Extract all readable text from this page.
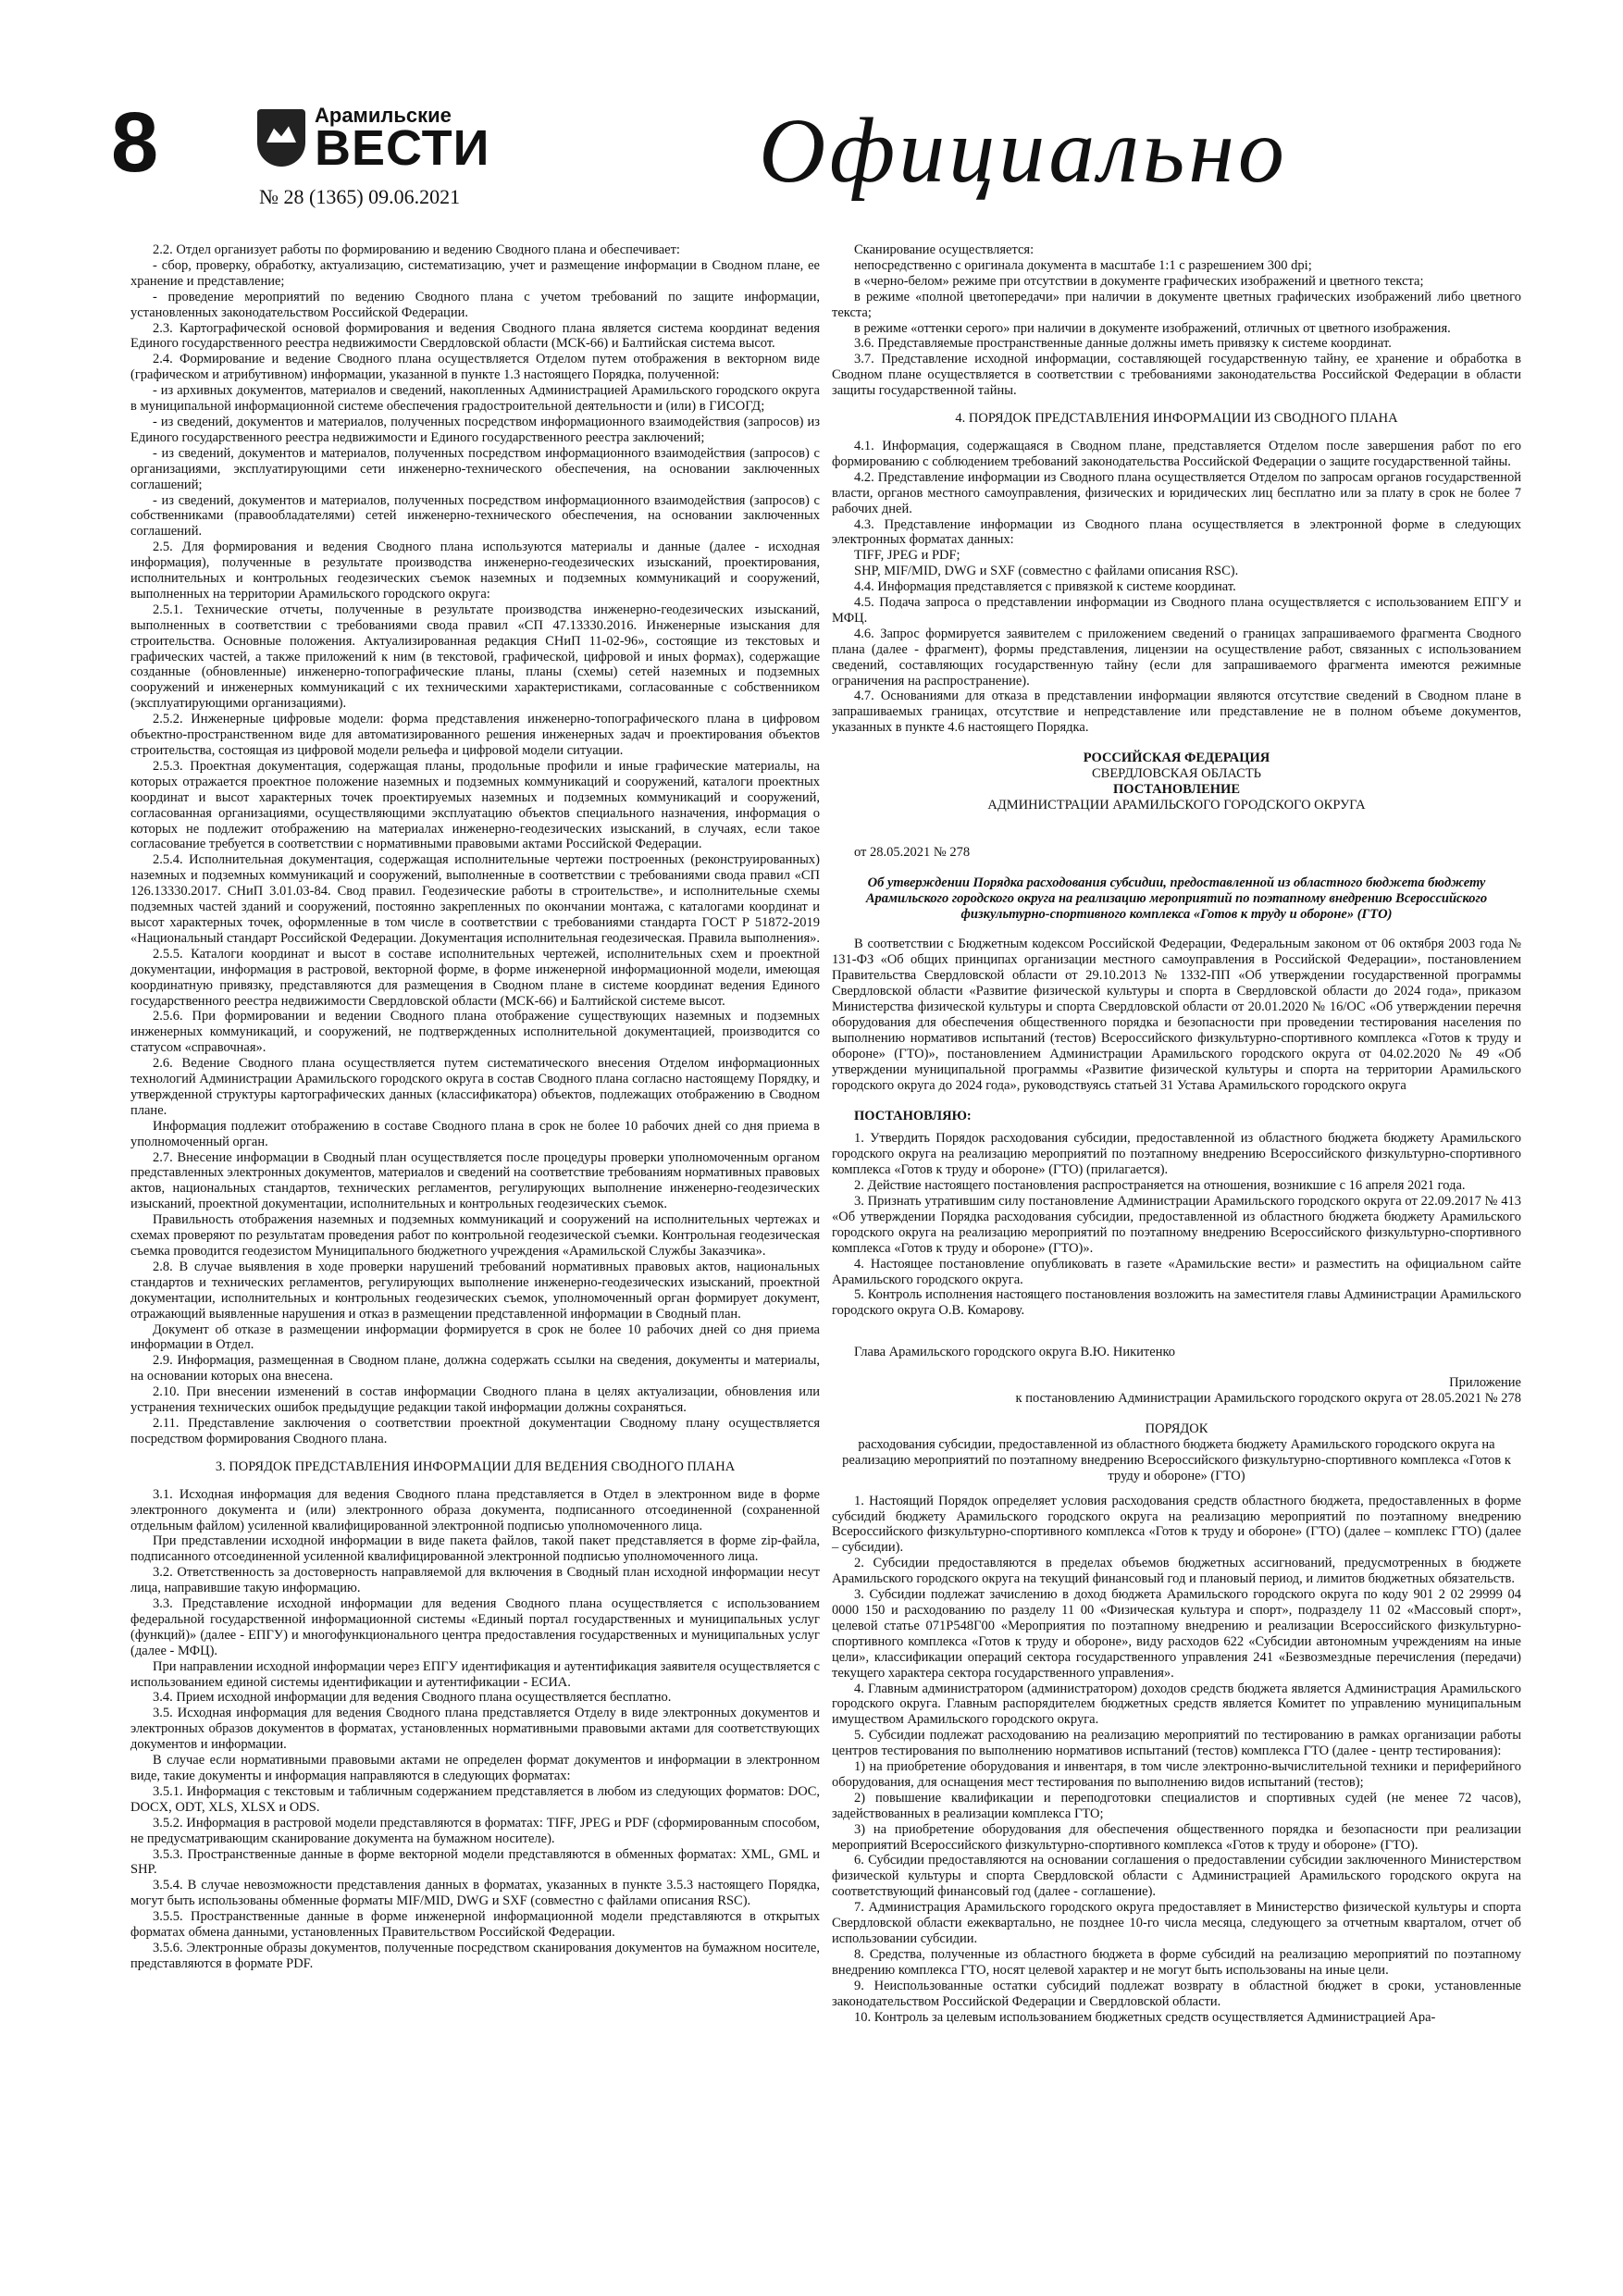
8	Арамильские
ВЕСТИ
№ 28 (1365) 09.06.2021	Официально

2.2. Отдел организует работы по формированию и ведению Сводного плана и обеспечивает:

- сбор, проверку, обработку, актуализацию, систематизацию, учет и размещение информации в Сводном плане, ее хранение и представление;

- проведение мероприятий по ведению Сводного плана с учетом требований по защите информации, установленных законодательством Российской Федерации.

2.3. Картографической основой формирования и ведения Сводного плана является система координат ведения Единого государственного реестра недвижимости Свердловской области (МСК-66) и Балтийская система высот.

2.4. Формирование и ведение Сводного плана осуществляется Отделом путем отображения в векторном виде (графическом и атрибутивном) информации, указанной в пункте 1.3 настоящего Порядка, полученной:

- из архивных документов, материалов и сведений, накопленных Администрацией Арамильского городского округа в муниципальной информационной системе обеспечения градостроительной деятельности и (или) в ГИСОГД;

- из сведений, документов и материалов, полученных посредством информационного взаимодействия (запросов) из Единого государственного реестра недвижимости и Единого государственного реестра заключений;

- из сведений, документов и материалов, полученных посредством информационного взаимодействия (запросов) с организациями, эксплуатирующими сети инженерно-технического обеспечения, на основании заключенных соглашений;

- из сведений, документов и материалов, полученных посредством информационного взаимодействия (запросов) с собственниками (правообладателями) сетей инженерно-технического обеспечения, на основании заключенных соглашений.

2.5. Для формирования и ведения Сводного плана используются материалы и данные (далее - исходная информация), полученные в результате производства инженерно-геодезических изысканий, проектирования, исполнительных и контрольных геодезических съемок наземных и подземных коммуникаций и сооружений, выполненных на территории Арамильского городского округа:

2.5.1. Технические отчеты, полученные в результате производства инженерно-геодезических изысканий, выполненных в соответствии с требованиями свода правил «СП 47.13330.2016. Инженерные изыскания для строительства. Основные положения. Актуализированная редакция СНиП 11-02-96», состоящие из текстовых и графических частей, а также приложений к ним (в текстовой, графической, цифровой и иных формах), содержащие созданные (обновленные) инженерно-топографические планы, планы (схемы) сетей наземных и подземных сооружений и инженерных коммуникаций с их техническими характеристиками, согласованные с собственником (эксплуатирующими организациями).

2.5.2. Инженерные цифровые модели: форма представления инженерно-топографического плана в цифровом объектно-пространственном виде для автоматизированного решения инженерных задач и проектирования объектов строительства, состоящая из цифровой модели рельефа и цифровой модели ситуации.

2.5.3. Проектная документация, содержащая планы, продольные профили и иные графические материалы, на которых отражается проектное положение наземных и подземных коммуникаций и сооружений, каталоги проектных координат и высот характерных точек проектируемых наземных и подземных коммуникаций и сооружений, согласованная организациями, осуществляющими эксплуатацию объектов специального назначения, информация о которых не подлежит отображению на материалах инженерно-геодезических изысканий, в случаях, если такое согласование требуется в соответствии с нормативными правовыми актами Российской Федерации.

2.5.4. Исполнительная документация, содержащая исполнительные чертежи построенных (реконструированных) наземных и подземных коммуникаций и сооружений, выполненные в соответствии с требованиями свода правил «СП 126.13330.2017. СНиП 3.01.03-84. Свод правил. Геодезические работы в строительстве», и исполнительные схемы подземных частей зданий и сооружений, постоянно закрепленных по окончании монтажа, с каталогами координат и высот характерных точек, оформленные в том числе в соответствии с требованиями стандарта ГОСТ Р 51872-2019 «Национальный стандарт Российской Федерации. Документация исполнительная геодезическая. Правила выполнения».

2.5.5. Каталоги координат и высот в составе исполнительных чертежей, исполнительных схем и проектной документации, информация в растровой, векторной форме, в форме инженерной информационной модели, имеющая координатную привязку, представляются для размещения в Сводном плане в системе координат ведения Единого государственного реестра недвижимости Свердловской области (МСК-66) и Балтийской системе высот.

2.5.6. При формировании и ведении Сводного плана отображение существующих наземных и подземных инженерных коммуникаций, и сооружений, не подтвержденных исполнительной документацией, производится со статусом «справочная».

2.6. Ведение Сводного плана осуществляется путем систематического внесения Отделом информационных технологий Администрации Арамильского городского округа в состав Сводного плана согласно настоящему Порядку, и утвержденной структуры картографических данных (классификатора) объектов, подлежащих отображению в Сводном плане.

Информация подлежит отображению в составе Сводного плана в срок не более 10 рабочих дней со дня приема в уполномоченный орган.

2.7. Внесение информации в Сводный план осуществляется после процедуры проверки уполномоченным органом представленных электронных документов, материалов и сведений на соответствие требованиям нормативных правовых актов, национальных стандартов, технических регламентов, регулирующих выполнение инженерно-геодезических изысканий, проектной документации, исполнительных и контрольных геодезических съемок.

Правильность отображения наземных и подземных коммуникаций и сооружений на исполнительных чертежах и схемах проверяют по результатам проведения работ по контрольной геодезической съемки. Контрольная геодезическая съемка проводится геодезистом Муниципального бюджетного учреждения «Арамильской Службы Заказчика».

2.8. В случае выявления в ходе проверки нарушений требований нормативных правовых актов, национальных стандартов и технических регламентов, регулирующих выполнение инженерно-геодезических изысканий, проектной документации, исполнительных и контрольных геодезических съемок, уполномоченный орган формирует документ, отражающий выявленные нарушения и отказ в размещении представленной информации в Сводный план.

Документ об отказе в размещении информации формируется в срок не более 10 рабочих дней со дня приема информации в Отдел.

2.9. Информация, размещенная в Сводном плане, должна содержать ссылки на сведения, документы и материалы, на основании которых она внесена.

2.10. При внесении изменений в состав информации Сводного плана в целях актуализации, обновления или устранения технических ошибок предыдущие редакции такой информации должны сохраняться.

2.11. Представление заключения о соответствии проектной документации Сводному плану осуществляется посредством формирования Сводного плана.

3. ПОРЯДОК ПРЕДСТАВЛЕНИЯ ИНФОРМАЦИИ ДЛЯ ВЕДЕНИЯ СВОДНОГО ПЛАНА

3.1. Исходная информация для ведения Сводного плана представляется в Отдел в электронном виде в форме электронного документа и (или) электронного образа документа, подписанного отсоединенной (сохраненной отдельным файлом) усиленной квалифицированной электронной подписью уполномоченного лица.

При представлении исходной информации в виде пакета файлов, такой пакет представляется в форме zip-файла, подписанного отсоединенной усиленной квалифицированной электронной подписью уполномоченного лица.

3.2. Ответственность за достоверность направляемой для включения в Сводный план исходной информации несут лица, направившие такую информацию.

3.3. Представление исходной информации для ведения Сводного плана осуществляется с использованием федеральной государственной информационной системы «Единый портал государственных и муниципальных услуг (функций)» (далее - ЕПГУ) и многофункционального центра предоставления государственных и муниципальных услуг (далее - МФЦ).

При направлении исходной информации через ЕПГУ идентификация и аутентификация заявителя осуществляется с использованием единой системы идентификации и аутентификации - ЕСИА.

3.4. Прием исходной информации для ведения Сводного плана осуществляется бесплатно.

3.5. Исходная информация для ведения Сводного плана представляется Отделу в виде электронных документов и электронных образов документов в форматах, установленных нормативными правовыми актами для соответствующих документов и информации.

В случае если нормативными правовыми актами не определен формат документов и информации в электронном виде, такие документы и информация направляются в следующих форматах:

3.5.1. Информация с текстовым и табличным содержанием представляется в любом из следующих форматов: DOC, DOCX, ODT, XLS, XLSX и ODS.

3.5.2. Информация в растровой модели представляются в форматах: TIFF, JPEG и PDF (сформированным способом, не предусматривающим сканирование документа на бумажном носителе).

3.5.3. Пространственные данные в форме векторной модели представляются в обменных форматах: XML, GML и SHP.

3.5.4. В случае невозможности представления данных в форматах, указанных в пункте 3.5.3 настоящего Порядка, могут быть использованы обменные форматы MIF/MID, DWG и SXF (совместно с файлами описания RSC).

3.5.5. Пространственные данные в форме инженерной информационной модели представляются в открытых форматах обмена данными, установленных Правительством Российской Федерации.

3.5.6. Электронные образы документов, полученные посредством сканирования документов на бумажном носителе, представляются в формате PDF.

Сканирование осуществляется:

непосредственно с оригинала документа в масштабе 1:1 с разрешением 300 dpi;

в «черно-белом» режиме при отсутствии в документе графических изображений и цветного текста;

в режиме «полной цветопередачи» при наличии в документе цветных графических изображений либо цветного текста;

в режиме «оттенки серого» при наличии в документе изображений, отличных от цветного изображения.

3.6. Представляемые пространственные данные должны иметь привязку к системе координат.

3.7. Представление исходной информации, составляющей государственную тайну, ее хранение и обработка в Сводном плане осуществляется в соответствии с требованиями законодательства Российской Федерации в области защиты государственной тайны.

4. ПОРЯДОК ПРЕДСТАВЛЕНИЯ ИНФОРМАЦИИ ИЗ СВОДНОГО ПЛАНА

4.1. Информация, содержащаяся в Сводном плане, представляется Отделом после завершения работ по его формированию с соблюдением требований законодательства Российской Федерации о защите государственной тайны.

4.2. Представление информации из Сводного плана осуществляется Отделом по запросам органов государственной власти, органов местного самоуправления, физических и юридических лиц бесплатно или за плату в срок не более 7 рабочих дней.

4.3. Представление информации из Сводного плана осуществляется в электронной форме в следующих электронных форматах данных:

TIFF, JPEG и PDF;

SHP, MIF/MID, DWG и SXF (совместно с файлами описания RSC).

4.4. Информация представляется с привязкой к системе координат.

4.5. Подача запроса о представлении информации из Сводного плана осуществляется с использованием ЕПГУ и МФЦ.

4.6. Запрос формируется заявителем с приложением сведений о границах запрашиваемого фрагмента Сводного плана (далее - фрагмент), формы представления, лицензии на осуществление работ, связанных с использованием сведений, составляющих государственную тайну (если для запрашиваемого фрагмента имеются режимные ограничения на распространение).

4.7. Основаниями для отказа в представлении информации являются отсутствие сведений в Сводном плане в запрашиваемых границах, отсутствие и непредставление или представление не в полном объеме документов, указанных в пункте 4.6 настоящего Порядка.

РОССИЙСКАЯ ФЕДЕРАЦИЯ

СВЕРДЛОВСКАЯ ОБЛАСТЬ

ПОСТАНОВЛЕНИЕ

АДМИНИСТРАЦИИ АРАМИЛЬСКОГО ГОРОДСКОГО ОКРУГА

от 28.05.2021 № 278

Об утверждении Порядка расходования субсидии, предоставленной из областного бюджета бюджету Арамильского городского округа на реализацию мероприятий по поэтапному внедрению Всероссийского физкультурно-спортивного комплекса «Готов к труду и обороне» (ГТО)

В соответствии с Бюджетным кодексом Российской Федерации, Федеральным законом от 06 октября 2003 года № 131-ФЗ «Об общих принципах организации местного самоуправления в Российской Федерации», постановлением Правительства Свердловской области от 29.10.2013 № 1332-ПП «Об утверждении государственной программы Свердловской области «Развитие физической культуры и спорта в Свердловской области до 2024 года», приказом Министерства физической культуры и спорта Свердловской области от 20.01.2020 № 16/ОС «Об утверждении перечня оборудования для обеспечения общественного порядка и безопасности при проведении тестирования населения по выполнению нормативов испытаний (тестов) Всероссийского физкультурно-спортивного комплекса «Готов к труду и обороне» (ГТО)», постановлением Администрации Арамильского городского округа от 04.02.2020 № 49 «Об утверждении муниципальной программы «Развитие физической культуры и спорта на территории Арамильского городского округа до 2024 года», руководствуясь статьей 31 Устава Арамильского городского округа

ПОСТАНОВЛЯЮ:

1. Утвердить Порядок расходования субсидии, предоставленной из областного бюджета бюджету Арамильского городского округа на реализацию мероприятий по поэтапному внедрению Всероссийского физкультурно-спортивного комплекса «Готов к труду и обороне» (ГТО) (прилагается).

2. Действие настоящего постановления распространяется на отношения, возникшие с 16 апреля 2021 года.

3. Признать утратившим силу постановление Администрации Арамильского городского округа от 22.09.2017 № 413 «Об утверждении Порядка расходования субсидии, предоставленной из областного бюджета бюджету Арамильского городского округа на реализацию мероприятий по поэтапному внедрению Всероссийского физкультурно-спортивного комплекса «Готов к труду и обороне» (ГТО)».

4. Настоящее постановление опубликовать в газете «Арамильские вести» и разместить на официальном сайте Арамильского городского округа.

5. Контроль исполнения настоящего постановления возложить на заместителя главы Администрации Арамильского городского округа О.В. Комарову.

Глава Арамильского городского округа В.Ю. Никитенко

Приложение

к постановлению Администрации Арамильского городского округа от 28.05.2021 № 278

ПОРЯДОК

расходования субсидии, предоставленной из областного бюджета бюджету Арамильского городского округа на реализацию мероприятий по поэтапному внедрению Всероссийского физкультурно-спортивного комплекса «Готов к труду и обороне» (ГТО)

1. Настоящий Порядок определяет условия расходования средств областного бюджета, предоставленных в форме субсидий бюджету Арамильского городского округа на реализацию мероприятий по поэтапному внедрению Всероссийского физкультурно-спортивного комплекса «Готов к труду и обороне» (ГТО) (далее – комплекс ГТО) (далее – субсидии).

2. Субсидии предоставляются в пределах объемов бюджетных ассигнований, предусмотренных в бюджете Арамильского городского округа на текущий финансовый год и плановый период, и лимитов бюджетных обязательств.

3. Субсидии подлежат зачислению в доход бюджета Арамильского городского округа по коду 901 2 02 29999 04 0000 150 и расходованию по разделу 11 00 «Физическая культура и спорт», подразделу 11 02 «Массовый спорт», целевой статье 071Р548Г00 «Мероприятия по поэтапному внедрению и реализации Всероссийского физкультурно-спортивного комплекса «Готов к труду и обороне», виду расходов 622 «Субсидии автономным учреждениям на иные цели», классификации операций сектора государственного управления 241 «Безвозмездные перечисления (передачи) текущего характера сектора государственного управления».

4. Главным администратором (администратором) доходов средств бюджета является Администрация Арамильского городского округа. Главным распорядителем бюджетных средств является Комитет по управлению муниципальным имуществом Арамильского городского округа.

5. Субсидии подлежат расходованию на реализацию мероприятий по тестированию в рамках организации работы центров тестирования по выполнению нормативов испытаний (тестов) комплекса ГТО (далее - центр тестирования):

1) на приобретение оборудования и инвентаря, в том числе электронно-вычислительной техники и периферийного оборудования, для оснащения мест тестирования по выполнению видов испытаний (тестов);

2) повышение квалификации и переподготовки специалистов и спортивных судей (не менее 72 часов), задействованных в реализации комплекса ГТО;

3) на приобретение оборудования для обеспечения общественного порядка и безопасности при реализации мероприятий Всероссийского физкультурно-спортивного комплекса «Готов к труду и обороне» (ГТО).

6. Субсидии предоставляются на основании соглашения о предоставлении субсидии заключенного Министерством физической культуры и спорта Свердловской области с Администрацией Арамильского городского округа на соответствующий финансовый год (далее - соглашение).

7. Администрация Арамильского городского округа предоставляет в Министерство физической культуры и спорта Свердловской области ежеквартально, не позднее 10-го числа месяца, следующего за отчетным кварталом, отчет об использовании субсидии.

8. Средства, полученные из областного бюджета в форме субсидий на реализацию мероприятий по поэтапному внедрению комплекса ГТО, носят целевой характер и не могут быть использованы на иные цели.

9. Неиспользованные остатки субсидий подлежат возврату в областной бюджет в сроки, установленные законодательством Российской Федерации и Свердловской области.

10. Контроль за целевым использованием бюджетных средств осуществляется Администрацией Ара-
